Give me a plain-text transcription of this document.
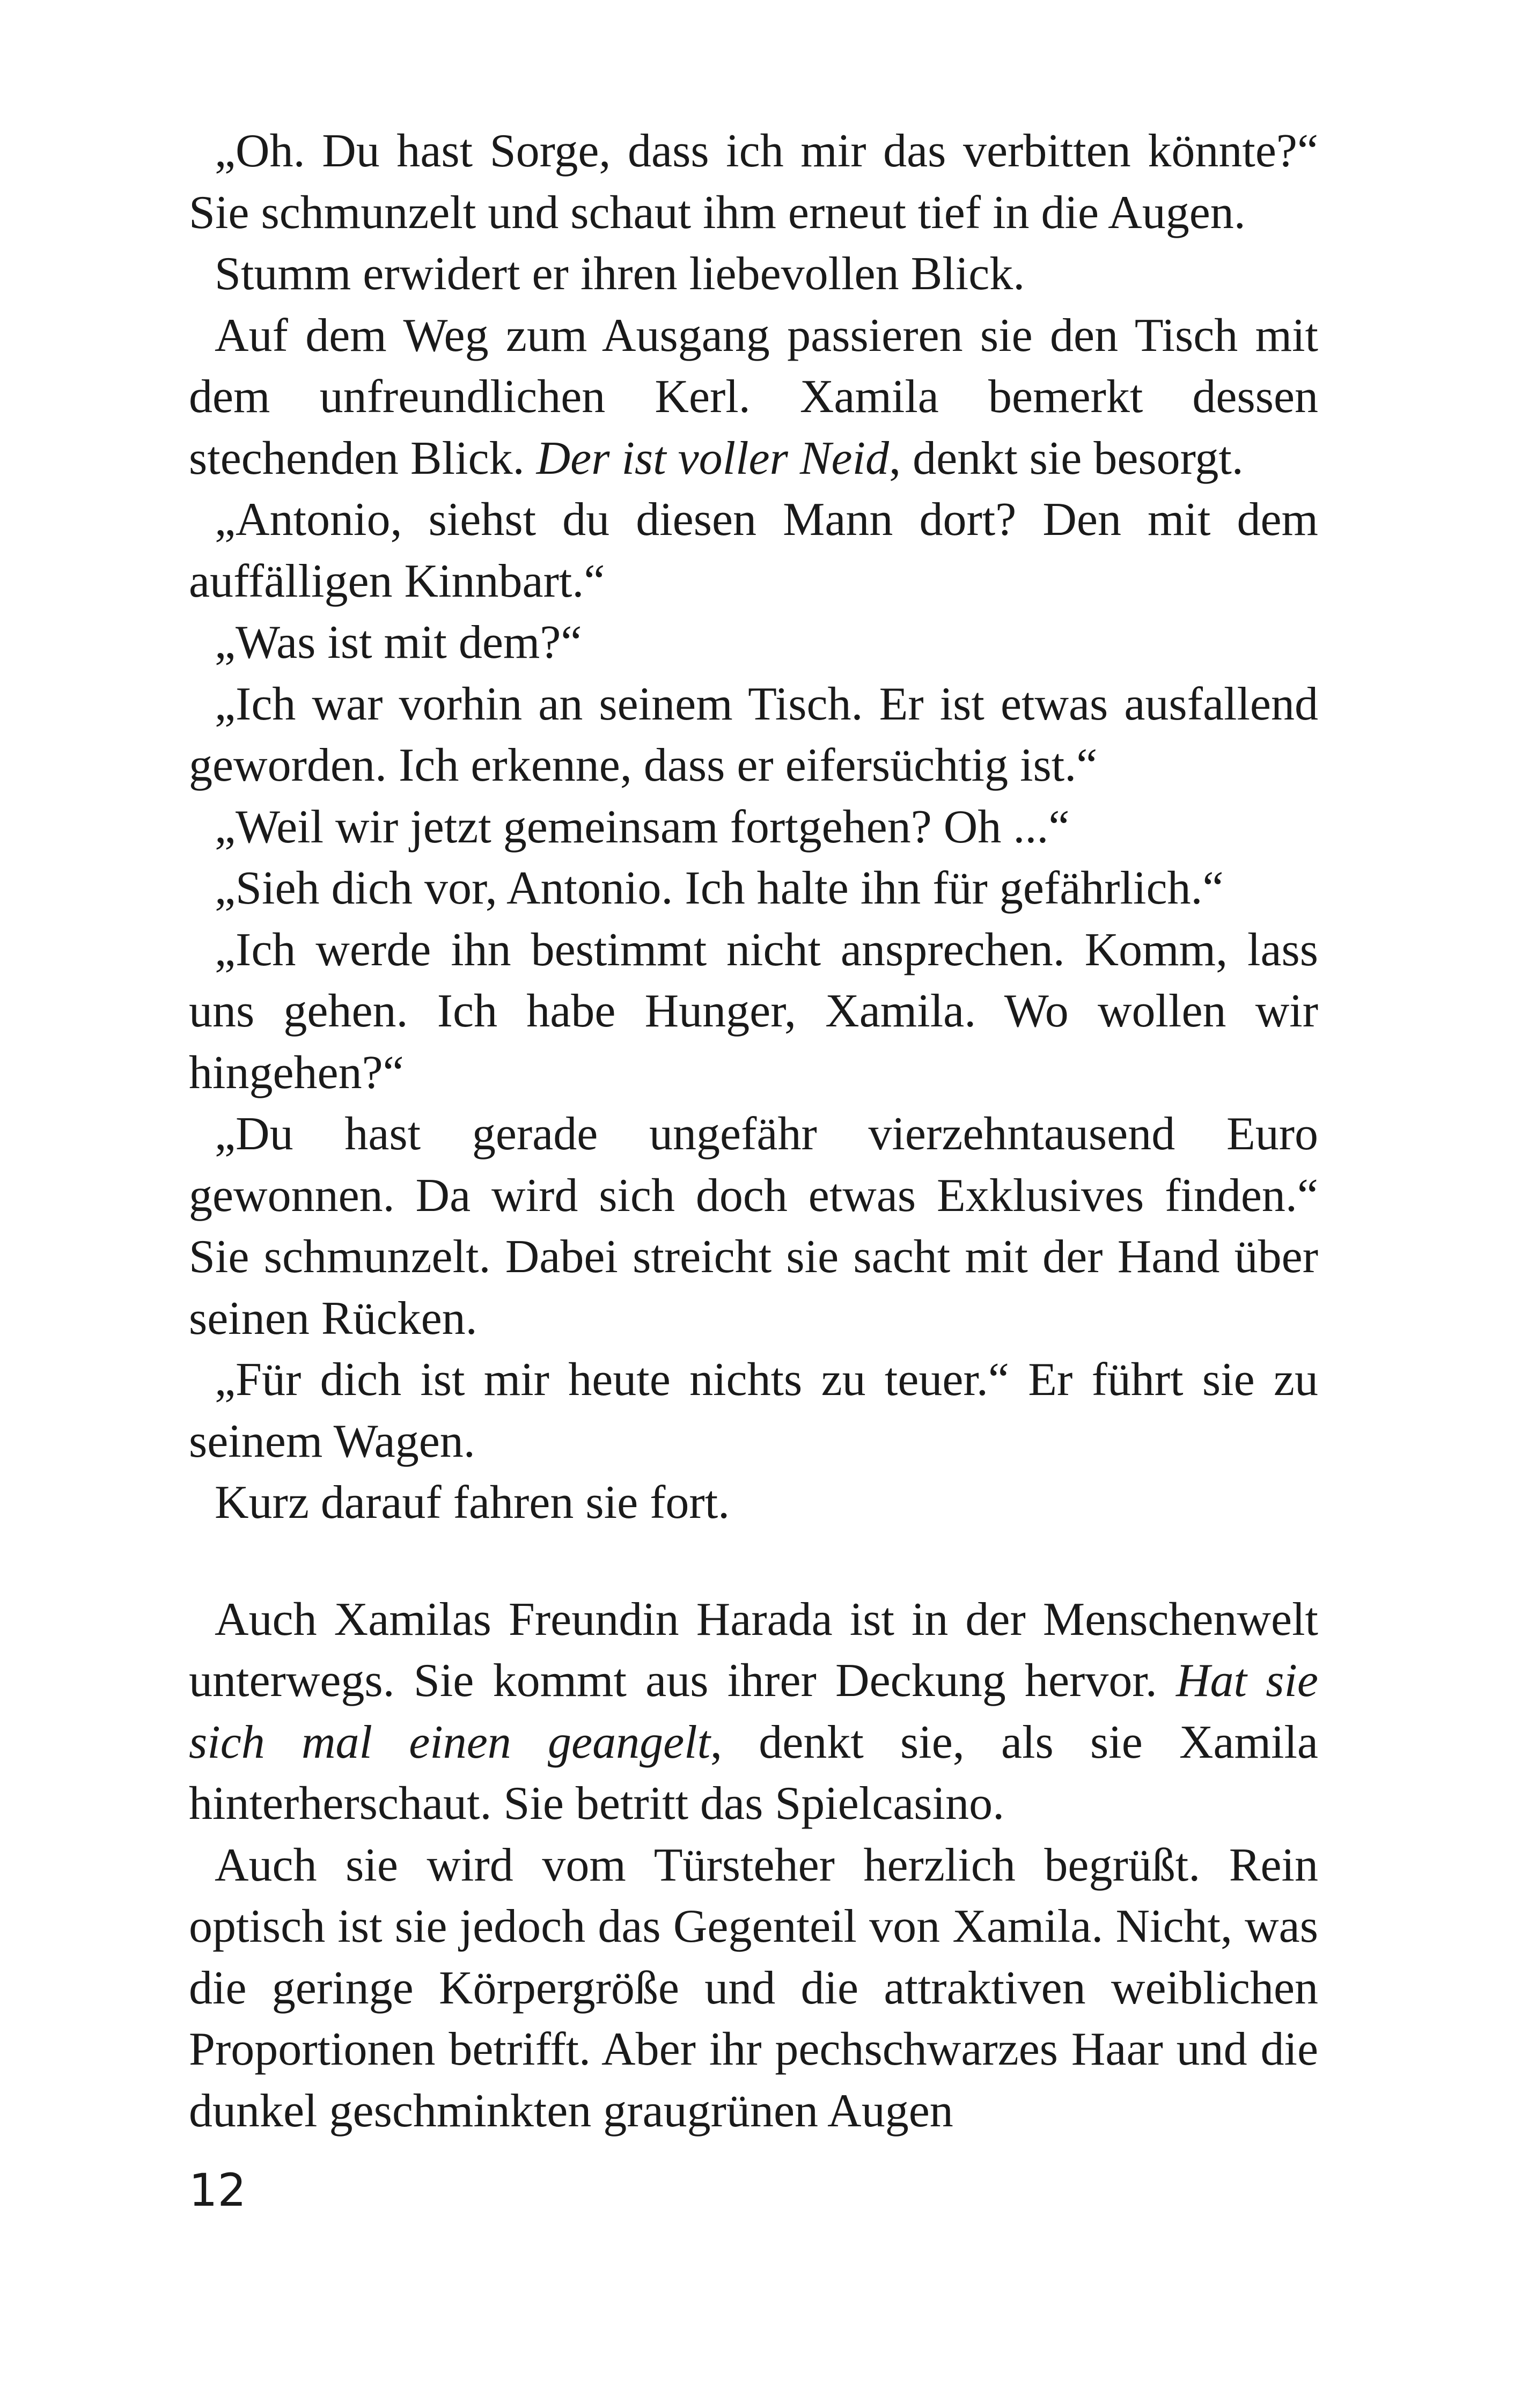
„Oh. Du hast Sorge, dass ich mir das verbitten könnte?“ Sie schmunzelt und schaut ihm erneut tief in die Augen.

Stumm erwidert er ihren liebevollen Blick.

Auf dem Weg zum Ausgang passieren sie den Tisch mit dem unfreundlichen Kerl. Xamila bemerkt dessen stechenden Blick. Der ist voller Neid, denkt sie besorgt.

„Antonio, siehst du diesen Mann dort? Den mit dem auffälligen Kinnbart.“

„Was ist mit dem?“

„Ich war vorhin an seinem Tisch. Er ist etwas ausfallend geworden. Ich erkenne, dass er eifersüchtig ist.“

„Weil wir jetzt gemeinsam fortgehen? Oh ...“

„Sieh dich vor, Antonio. Ich halte ihn für gefährlich.“

„Ich werde ihn bestimmt nicht ansprechen. Komm, lass uns gehen. Ich habe Hunger, Xamila. Wo wollen wir hingehen?“

„Du hast gerade ungefähr vierzehntausend Euro gewonnen. Da wird sich doch etwas Exklusives finden.“ Sie schmunzelt. Dabei streicht sie sacht mit der Hand über seinen Rücken.

„Für dich ist mir heute nichts zu teuer.“ Er führt sie zu seinem Wagen.

Kurz darauf fahren sie fort.

Auch Xamilas Freundin Harada ist in der Menschenwelt unterwegs. Sie kommt aus ihrer Deckung hervor. Hat sie sich mal einen geangelt, denkt sie, als sie Xamila hinterherschaut. Sie betritt das Spielcasino.

Auch sie wird vom Türsteher herzlich begrüßt. Rein optisch ist sie jedoch das Gegenteil von Xamila. Nicht, was die geringe Körpergröße und die attraktiven weiblichen Proportionen betrifft. Aber ihr pechschwarzes Haar und die dunkel geschminkten graugrünen Augen

12
